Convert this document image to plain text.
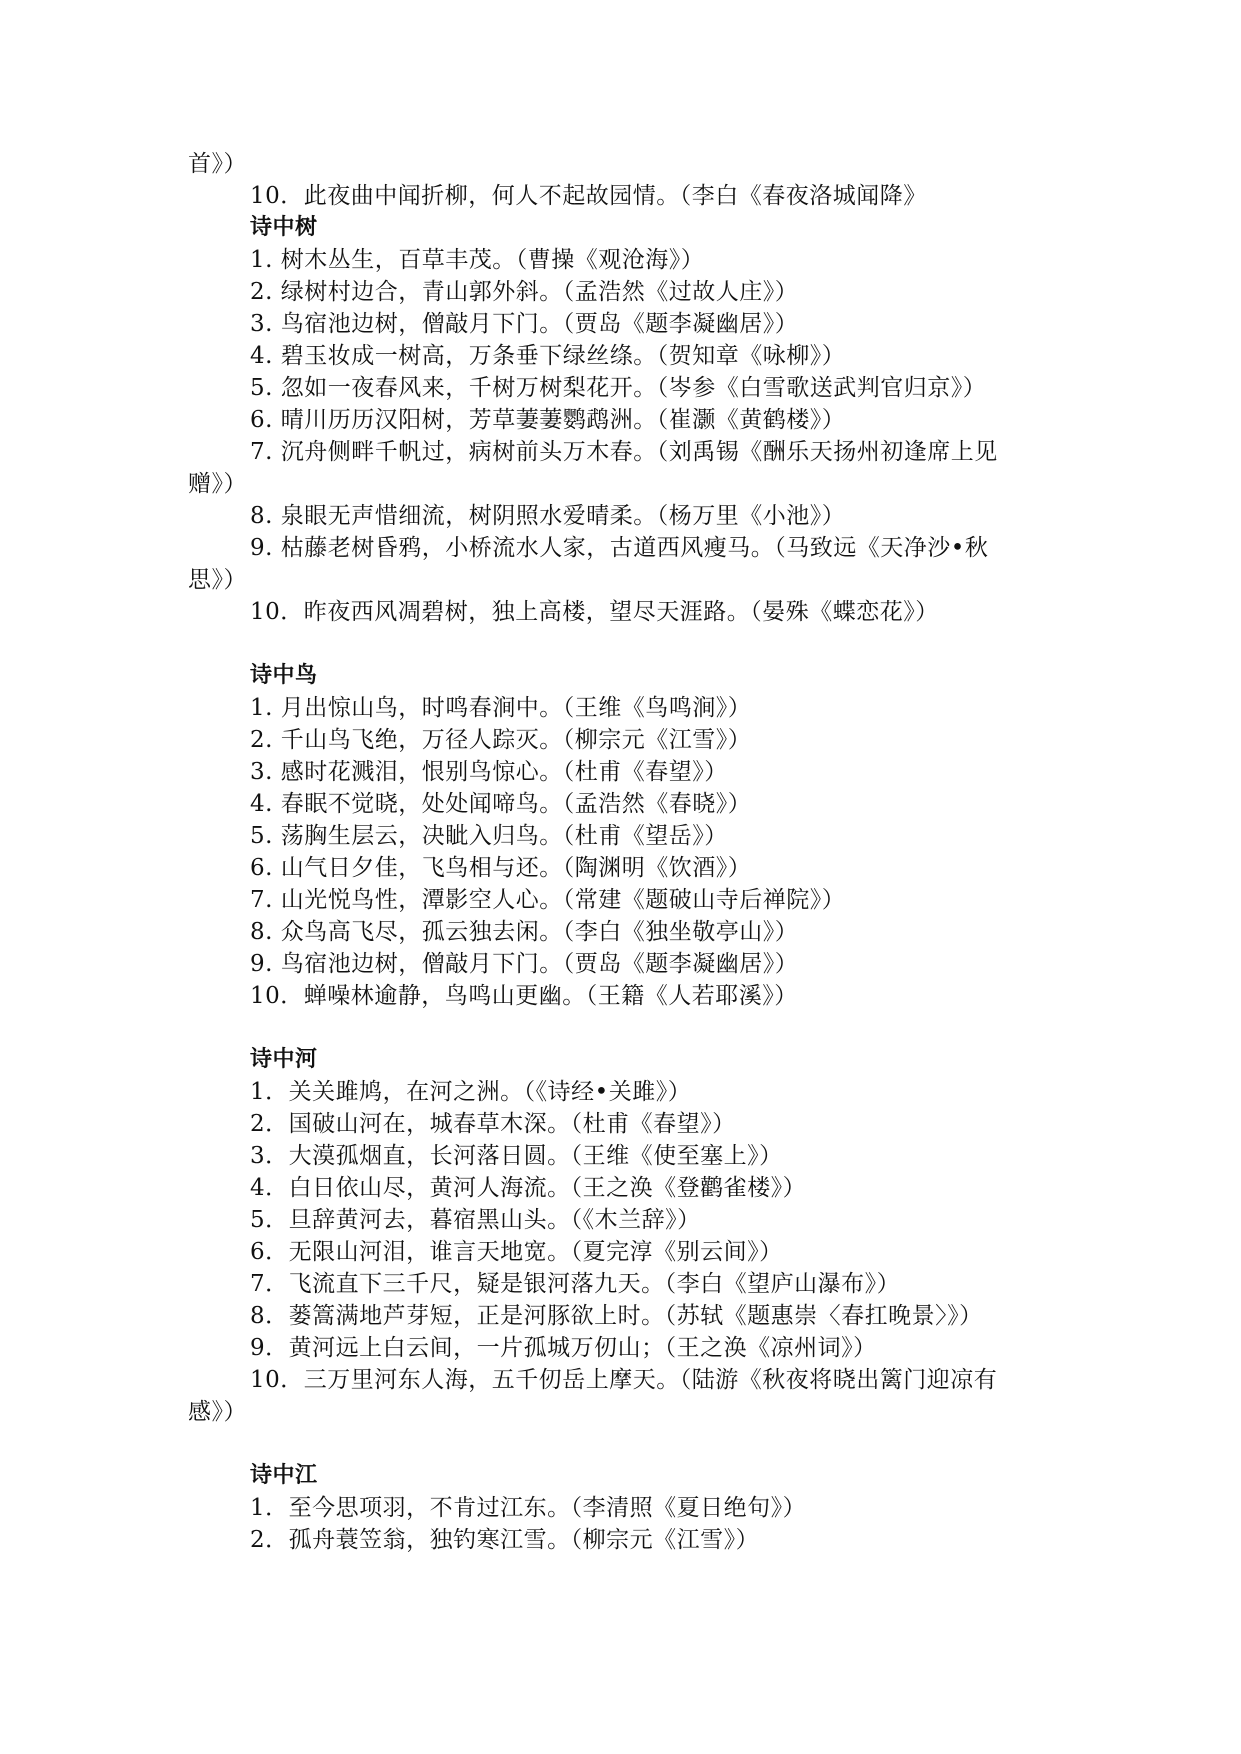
首》）
10．此夜曲中闻折柳，何人不起故园情。（李白《春夜洛城闻降》
诗中树
1. 树木丛生，百草丰茂。（曹操《观沧海》）
2. 绿树村边合，青山郭外斜。（孟浩然《过故人庄》）
3. 鸟宿池边树，僧敲月下门。（贾岛《题李凝幽居》）
4. 碧玉妆成一树高，万条垂下绿丝绦。（贺知章《咏柳》）
5. 忽如一夜春风来，千树万树梨花开。（岑参《白雪歌送武判官归京》）
6. 晴川历历汉阳树，芳草萋萋鹦鹉洲。（崔灏《黄鹤楼》）
7. 沉舟侧畔千帆过，病树前头万木春。（刘禹锡《酬乐天扬州初逢席上见
赠》）
8. 泉眼无声惜细流，树阴照水爱晴柔。（杨万里《小池》）
9. 枯藤老树昏鸦，小桥流水人家，古道西风瘦马。（马致远《天净沙•秋
思》）
10．昨夜西风凋碧树，独上高楼，望尽天涯路。（晏殊《蝶恋花》）
诗中鸟
1. 月出惊山鸟，时鸣春涧中。（王维《鸟鸣涧》）
2. 千山鸟飞绝，万径人踪灭。（柳宗元《江雪》）
3. 感时花溅泪，恨别鸟惊心。（杜甫《春望》）
4. 春眠不觉晓，处处闻啼鸟。（孟浩然《春晓》）
5. 荡胸生层云，决眦入归鸟。（杜甫《望岳》）
6. 山气日夕佳，飞鸟相与还。（陶渊明《饮酒》）
7. 山光悦鸟性，潭影空人心。（常建《题破山寺后禅院》）
8. 众鸟高飞尽，孤云独去闲。（李白《独坐敬亭山》）
9. 鸟宿池边树，僧敲月下门。（贾岛《题李凝幽居》）
10．蝉噪林逾静，鸟鸣山更幽。（王籍《人若耶溪》）
诗中河
1．关关雎鸠，在河之洲。（《诗经•关雎》）
2．国破山河在，城春草木深。（杜甫《春望》）
3．大漠孤烟直，长河落日圆。（王维《使至塞上》）
4．白日依山尽，黄河人海流。（王之涣《登鹳雀楼》）
5．旦辞黄河去，暮宿黑山头。（《木兰辞》）
6．无限山河泪，谁言天地宽。（夏完淳《别云间》）
7．飞流直下三千尺，疑是银河落九天。（李白《望庐山瀑布》）
8．蒌篙满地芦芽短，正是河豚欲上时。（苏轼《题惠崇〈春扛晚景〉》）
9．黄河远上白云间，一片孤城万仞山；（王之涣《凉州词》）
10．三万里河东人海，五千仞岳上摩天。（陆游《秋夜将晓出篱门迎凉有
感》）
诗中江
1．至今思项羽，不肯过江东。（李清照《夏日绝句》）
2．孤舟蓑笠翁，独钓寒江雪。（柳宗元《江雪》）
